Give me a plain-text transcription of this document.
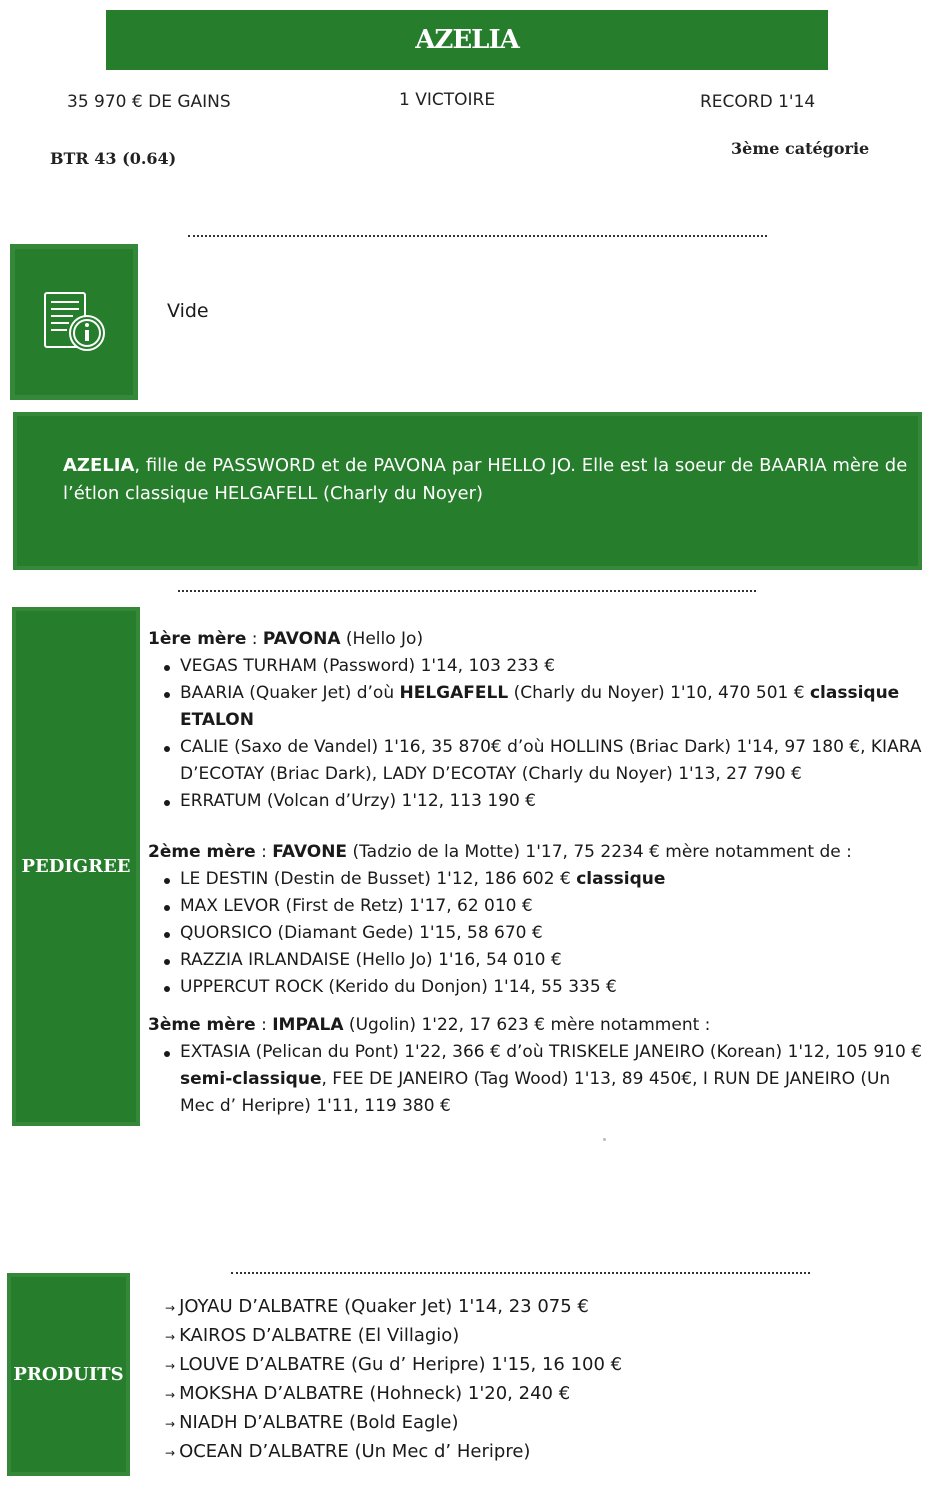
AZELIA
35 970 € DE GAINS	1 VICTOIRE	RECORD 1'14
BTR 43 (0.64)
3ème catégorie
Vide
AZELIA, fille de PASSWORD et de PAVONA par HELLO JO. Elle est la soeur de BAARIA mère de l’étlon classique HELGAFELL (Charly du Noyer)
PEDIGREE
1ère mère : PAVONA (Hello Jo)
VEGAS TURHAM (Password) 1'14, 103 233 €
BAARIA (Quaker Jet) d’où HELGAFELL (Charly du Noyer) 1'10, 470 501 € classique ETALON
CALIE (Saxo de Vandel) 1'16, 35 870€ d’où HOLLINS (Briac Dark) 1'14, 97 180 €, KIARA D’ECOTAY (Briac Dark), LADY D’ECOTAY (Charly du Noyer) 1'13, 27 790 €
ERRATUM (Volcan d’Urzy) 1'12, 113 190 €
2ème mère : FAVONE (Tadzio de la Motte) 1'17, 75 2234 € mère notamment de :
LE DESTIN (Destin de Busset) 1'12, 186 602 € classique
MAX LEVOR (First de Retz) 1'17, 62 010 €
QUORSICO (Diamant Gede) 1'15, 58 670 €
RAZZIA IRLANDAISE (Hello Jo) 1'16, 54 010 €
UPPERCUT ROCK (Kerido du Donjon) 1'14, 55 335 €
3ème mère : IMPALA (Ugolin) 1'22, 17 623 € mère notamment :
EXTASIA (Pelican du Pont) 1'22, 366 € d’où TRISKELE JANEIRO (Korean) 1'12, 105 910 € semi-classique, FEE DE JANEIRO (Tag Wood) 1'13, 89 450€, I RUN DE JANEIRO (Un Mec d’ Heripre) 1'11, 119 380 €
PRODUITS
→ JOYAU D’ALBATRE (Quaker Jet) 1'14, 23 075 €
→ KAIROS D’ALBATRE (El Villagio)
→ LOUVE D’ALBATRE (Gu d’ Heripre) 1'15, 16 100 €
→ MOKSHA D’ALBATRE (Hohneck) 1'20, 240 €
→ NIADH D’ALBATRE (Bold Eagle)
→ OCEAN D’ALBATRE (Un Mec d’ Heripre)
